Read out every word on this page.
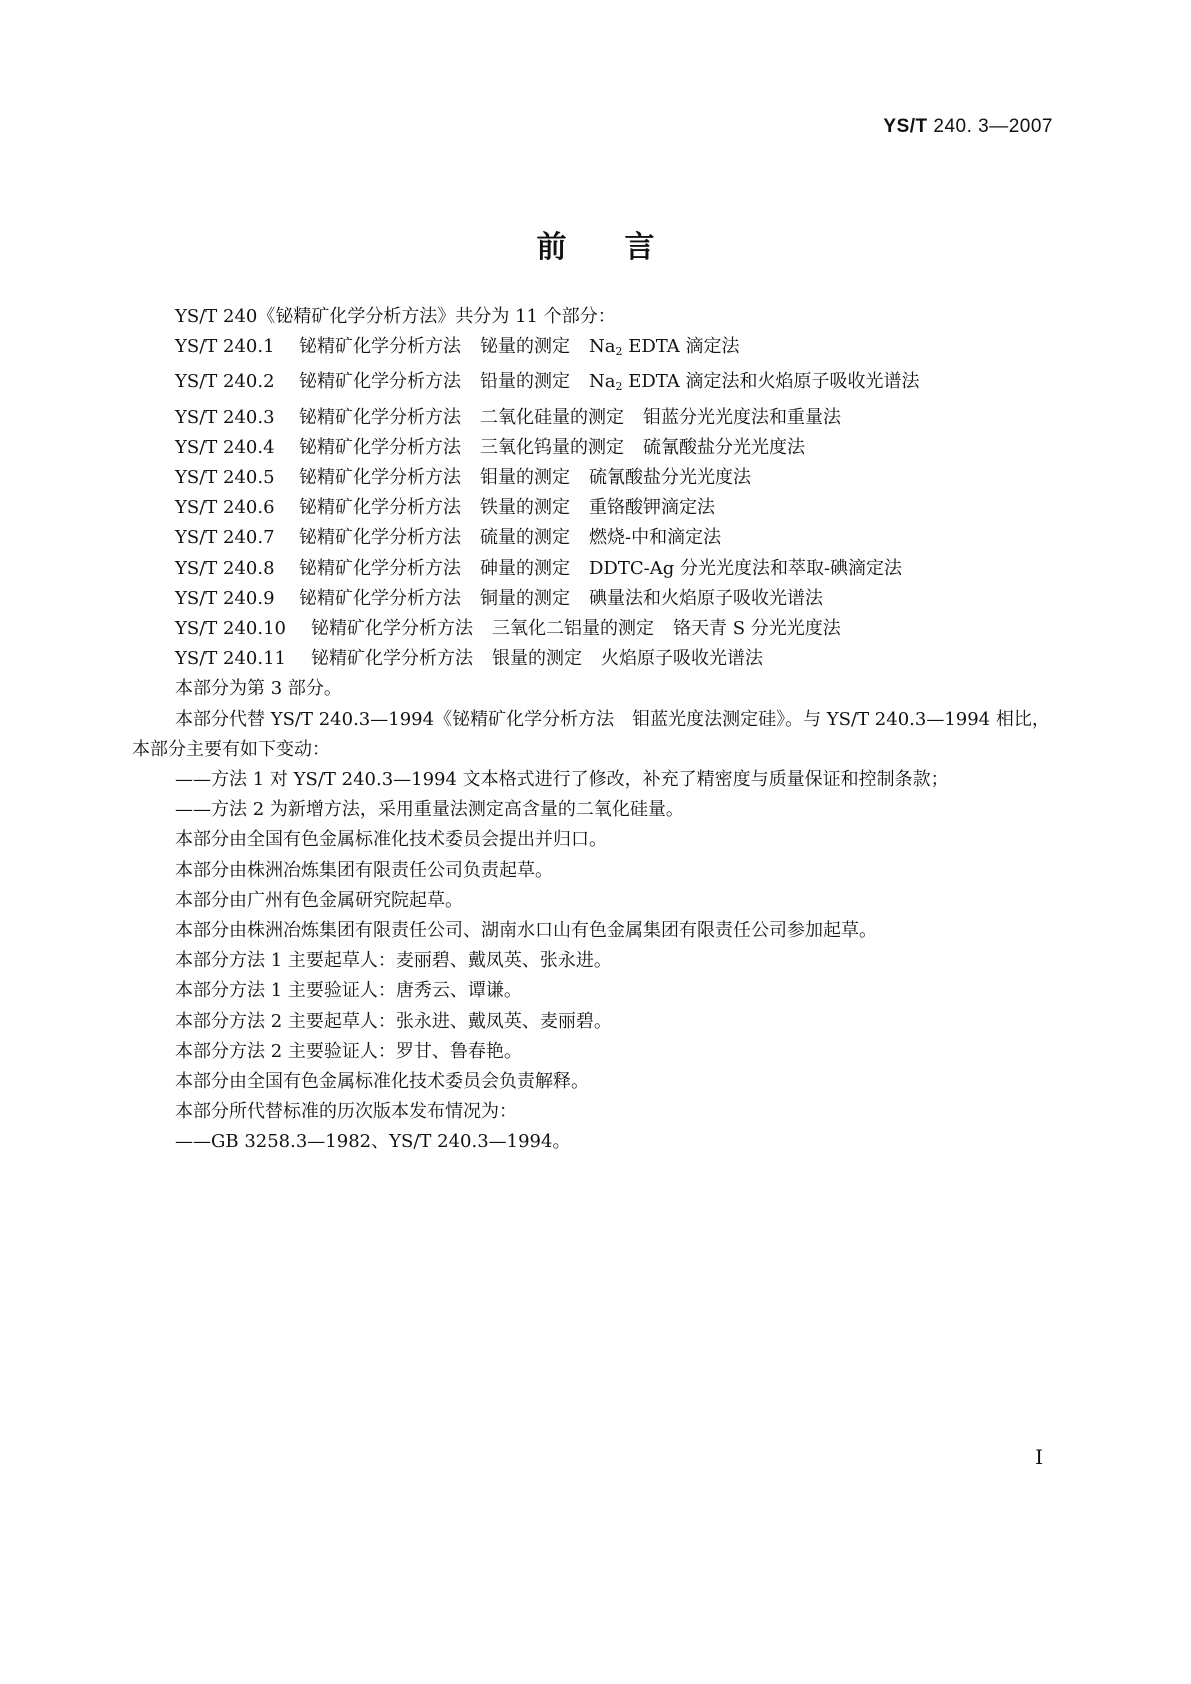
YS/T 240. 3—2007
前言

YS/T 240《铋精矿化学分析方法》共分为 11 个部分：

YS/T 240.1 铋精矿化学分析方法 铋量的测定 $Na_2$ EDTA 滴定法

YS/T 240.2 铋精矿化学分析方法 铅量的测定 $Na_2$ EDTA 滴定法和火焰原子吸收光谱法

YS/T 240.3 铋精矿化学分析方法 二氧化硅量的测定 钼蓝分光光度法和重量法

YS/T 240.4 铋精矿化学分析方法 三氧化钨量的测定 硫氰酸盐分光光度法

YS/T 240.5 铋精矿化学分析方法 钼量的测定 硫氰酸盐分光光度法

YS/T 240.6 铋精矿化学分析方法 铁量的测定 重铬酸钾滴定法

YS/T 240.7 铋精矿化学分析方法 硫量的测定 燃烧-中和滴定法

YS/T 240.8 铋精矿化学分析方法 砷量的测定 DDTC-Ag 分光光度法和萃取-碘滴定法

YS/T 240.9 铋精矿化学分析方法 铜量的测定 碘量法和火焰原子吸收光谱法

YS/T 240.10 铋精矿化学分析方法 三氧化二铝量的测定 铬天青 S 分光光度法

YS/T 240.11 铋精矿化学分析方法 银量的测定 火焰原子吸收光谱法

本部分为第 3 部分。

本部分代替 YS/T 240.3—1994《铋精矿化学分析方法　钼蓝光度法测定硅》。与 YS/T 240.3—1994 相比，本部分主要有如下变动：

——方法 1 对 YS/T 240.3—1994 文本格式进行了修改，补充了精密度与质量保证和控制条款；

——方法 2 为新增方法，采用重量法测定高含量的二氧化硅量。

本部分由全国有色金属标准化技术委员会提出并归口。

本部分由株洲冶炼集团有限责任公司负责起草。

本部分由广州有色金属研究院起草。

本部分由株洲冶炼集团有限责任公司、湖南水口山有色金属集团有限责任公司参加起草。

本部分方法 1 主要起草人：麦丽碧、戴凤英、张永进。

本部分方法 1 主要验证人：唐秀云、谭谦。

本部分方法 2 主要起草人：张永进、戴凤英、麦丽碧。

本部分方法 2 主要验证人：罗甘、鲁春艳。

本部分由全国有色金属标准化技术委员会负责解释。

本部分所代替标准的历次版本发布情况为：

——GB 3258.3—1982、YS/T 240.3—1994。

I
